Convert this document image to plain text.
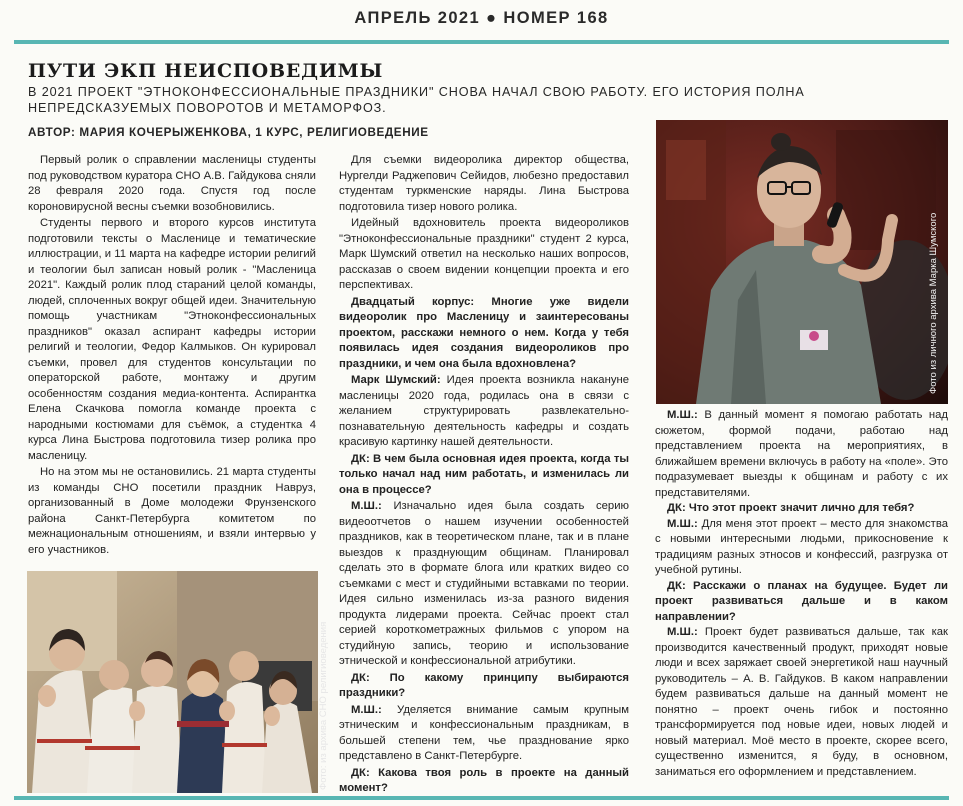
АПРЕЛЬ 2021 ● НОМЕР 168
ПУТИ ЭКП НЕИСПОВЕДИМЫ
В 2021 ПРОЕКТ "ЭТНОКОНФЕССИОНАЛЬНЫЕ ПРАЗДНИКИ" СНОВА НАЧАЛ СВОЮ РАБОТУ. ЕГО ИСТОРИЯ ПОЛНА НЕПРЕДСКАЗУЕМЫХ ПОВОРОТОВ И МЕТАМОРФОЗ.
АВТОР: МАРИЯ КОЧЕРЫЖЕНКОВА, 1 КУРС, РЕЛИГИОВЕДЕНИЕ

Первый ролик о справлении масленицы студенты под руководством куратора СНО А.В. Гайдукова сняли 28 февраля 2020 года. Спустя год после короновирусной весны съемки возобновились.

Студенты первого и второго курсов института подготовили тексты о Масленице и тематические иллюстрации, и 11 марта на кафедре истории религий и теологии был записан новый ролик - "Масленица 2021". Каждый ролик плод стараний целой команды, людей, сплоченных вокруг общей идеи. Значительную помощь участникам "Этноконфессиональных праздников" оказал аспирант кафедры истории религий и теологии, Федор Калмыков. Он курировал съемки, провел для студентов консультации по операторской работе, монтажу и другим особенностям создания медиа-контента. Аспирантка Елена Скачкова помогла команде проекта с народными костюмами для съёмок, а студентка 4 курса Лина Быстрова подготовила тизер ролика про масленицу.

Но на этом мы не остановились. 21 марта студенты из команды СНО посетили праздник Навруз, организованный в Доме молодежи Фрунзенского района Санкт-Петербурга комитетом по межнациональным отношениям, и взяли интервью у его участников.

Для съемки видеоролика директор общества, Нургелди Раджепович Сейидов, любезно предоставил студентам туркменские наряды. Лина Быстрова подготовила тизер нового ролика.

Идейный вдохновитель проекта видеороликов "Этноконфессиональные праздники" студент 2 курса, Марк Шумский ответил на несколько наших вопросов, рассказав о своем видении концепции проекта и его перспективах.

Двадцатый корпус: Многие уже видели видеоролик про Масленицу и заинтересованы проектом, расскажи немного о нем. Когда у тебя появилась идея создания видеороликов про праздники, и чем она была вдохновлена?

Марк Шумский: Идея проекта возникла накануне масленицы 2020 года, родилась она в связи с желанием структурировать развлекательно-познавательную деятельность кафедры и создать красивую картинку нашей деятельности.

ДК: В чем была основная идея проекта, когда ты только начал над ним работать, и изменилась ли она в процессе?

М.Ш.: Изначально идея была создать серию видеоотчетов о нашем изучении особенностей праздников, как в теоретическом плане, так и в плане выездов к празднующим общинам. Планировал сделать это в формате блога или кратких видео со съемками с мест и студийными вставками по теории. Идея сильно изменилась из-за разного видения продукта лидерами проекта. Сейчас проект стал серией короткометражных фильмов с упором на студийную запись, теорию и использование этнической и конфессиональной атрибутики.

ДК: По какому принципу выбираются праздники?

М.Ш.: Уделяется внимание самым крупным этническим и конфессиональным праздникам, в большей степени тем, чье празднование ярко представлено в Санкт-Петербурге.

ДК: Какова твоя роль в проекте на данный момент?

Фото из личного архива Марка Шумского

М.Ш.: В данный момент я помогаю работать над сюжетом, формой подачи, работаю над представлением проекта на мероприятиях, в ближайшем времени включусь в работу на «поле». Это подразумевает выезды к общинам и работу с их представителями.

ДК: Что этот проект значит лично для тебя?

М.Ш.: Для меня этот проект – место для знакомства с новыми интересными людьми, прикосновение к традициям разных этносов и конфессий, разгрузка от учебной рутины.

ДК: Расскажи о планах на будущее. Будет ли проект развиваться дальше и в каком направлении?

М.Ш.: Проект будет развиваться дальше, так как производится качественный продукт, приходят новые люди и всех заряжает своей энергетикой наш научный руководитель – А. В. Гайдуков. В каком направлении будем развиваться дальше на данный момент не понятно – проект очень гибок и постоянно трансформируется под новые идеи, новых людей и новый материал. Моё место в проекте, скорее всего, существенно изменится, я буду, в основном, заниматься его оформлением и представлением.

Фото: из архива СНО религиоведения
